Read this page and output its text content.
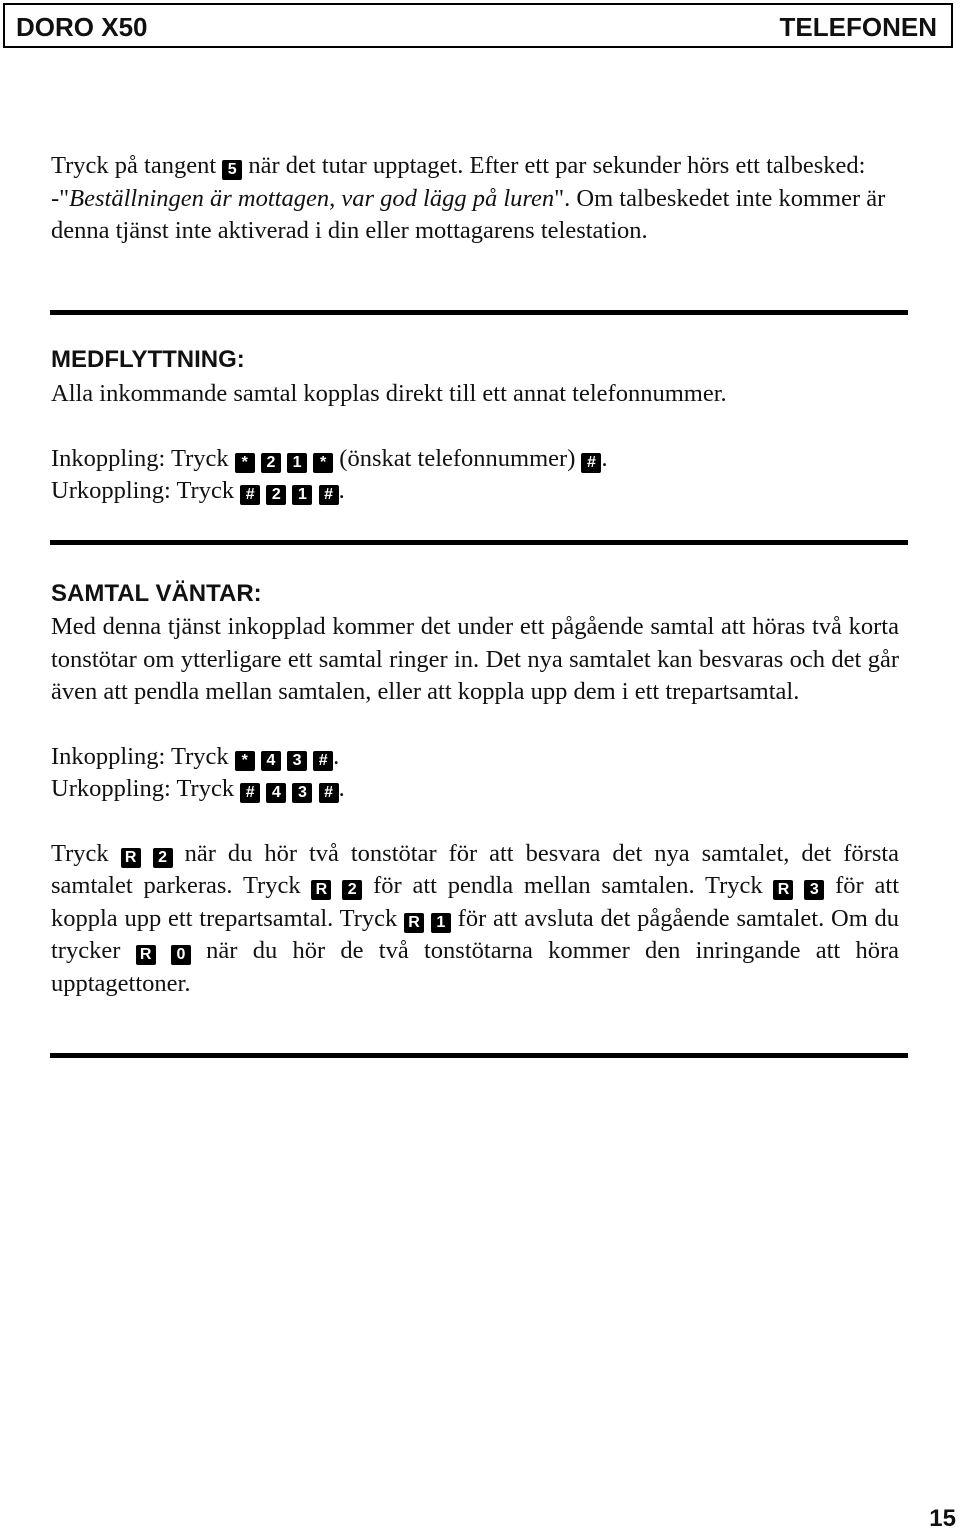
DORO X50	TELEFONEN

Tryck på tangent 5 när det tutar upptaget. Efter ett par sekunder hörs ett talbesked:
-"Beställningen är mottagen, var god lägg på luren". Om talbeskedet inte kommer är denna tjänst inte aktiverad i din eller mottagarens telestation.

MEDFLYTTNING:

Alla inkommande samtal kopplas direkt till ett annat telefonnummer.

Inkoppling: Tryck * 2 1 * (önskat telefonnummer) # .

Urkoppling: Tryck # 2 1 # .

SAMTAL VÄNTAR:

Med denna tjänst inkopplad kommer det under ett pågående samtal att höras två korta tonstötar om ytterligare ett samtal ringer in. Det nya samtalet kan besvaras och det går även att pendla mellan samtalen, eller att koppla upp dem i ett trepartsamtal.

Inkoppling: Tryck * 4 3 # .

Urkoppling: Tryck # 4 3 # .

Tryck R 2 när du hör två tonstötar för att besvara det nya samtalet, det första samtalet parkeras. Tryck R 2 för att pendla mellan samtalen. Tryck R 3 för att koppla upp ett trepartsamtal. Tryck R 1 för att avsluta det pågående samtalet. Om du trycker R 0 när du hör de två tonstötarna kommer den inringande att höra upptagettoner.

15
